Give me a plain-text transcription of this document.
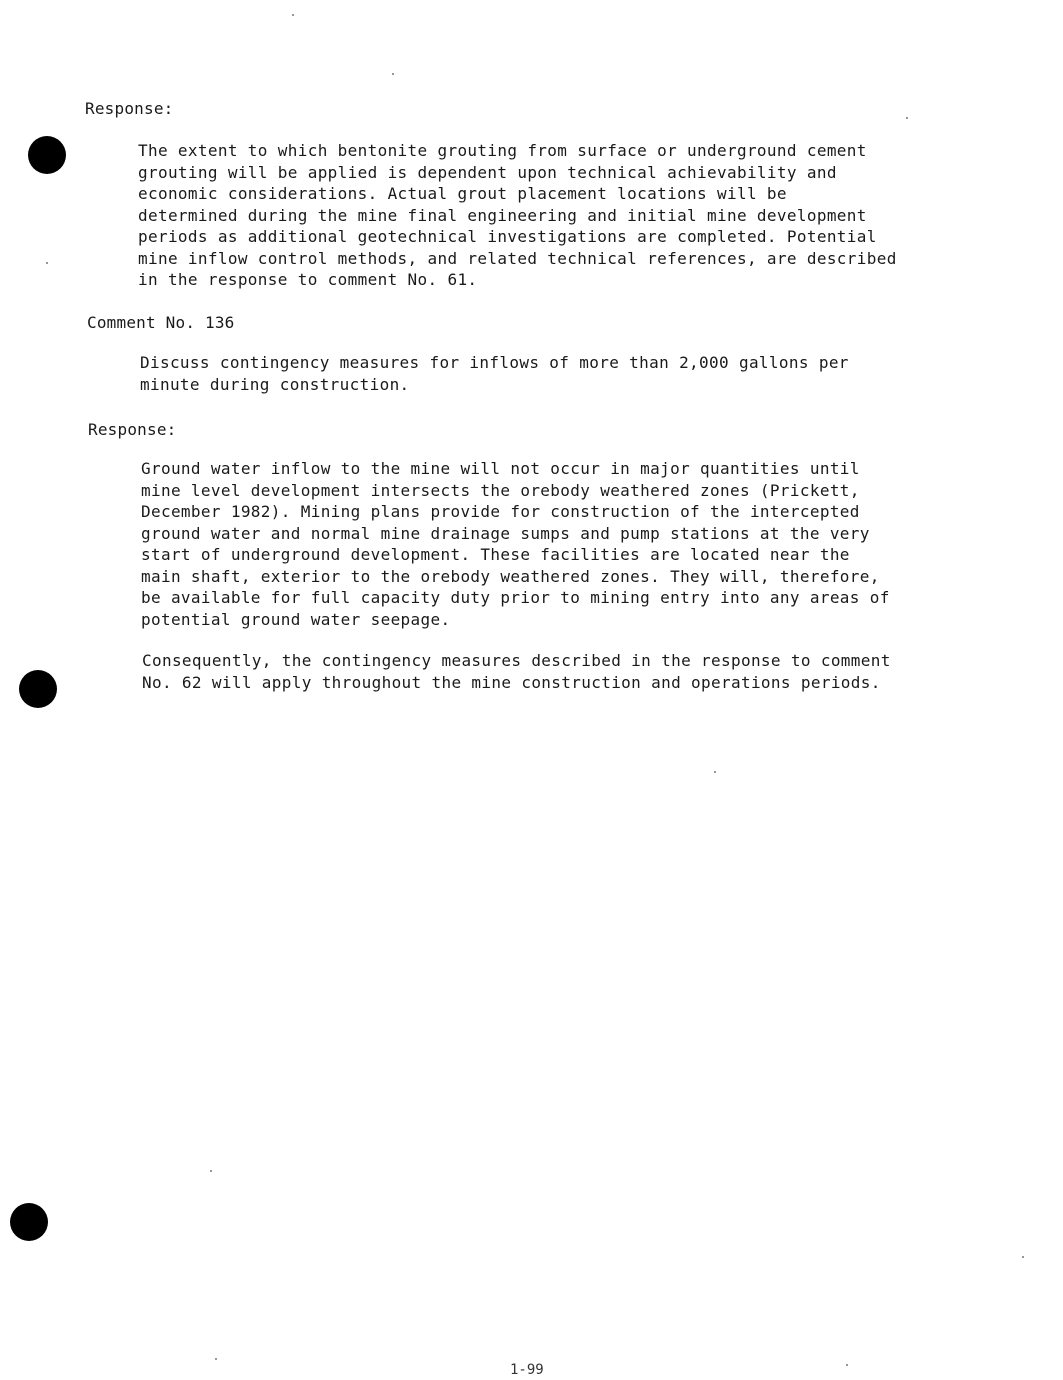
Response:
The extent to which bentonite grouting from surface or underground cement
grouting will be applied is dependent upon technical achievability and
economic considerations. Actual grout placement locations will be
determined during the mine final engineering and initial mine development
periods as additional geotechnical investigations are completed. Potential
mine inflow control methods, and related technical references, are described
in the response to comment No. 61.
Comment No. 136
Discuss contingency measures for inflows of more than 2,000 gallons per
minute during construction.
Response:
Ground water inflow to the mine will not occur in major quantities until
mine level development intersects the orebody weathered zones (Prickett,
December 1982). Mining plans provide for construction of the intercepted
ground water and normal mine drainage sumps and pump stations at the very
start of underground development. These facilities are located near the
main shaft, exterior to the orebody weathered zones. They will, therefore,
be available for full capacity duty prior to mining entry into any areas of
potential ground water seepage.
Consequently, the contingency measures described in the response to comment
No. 62 will apply throughout the mine construction and operations periods.
1-99
